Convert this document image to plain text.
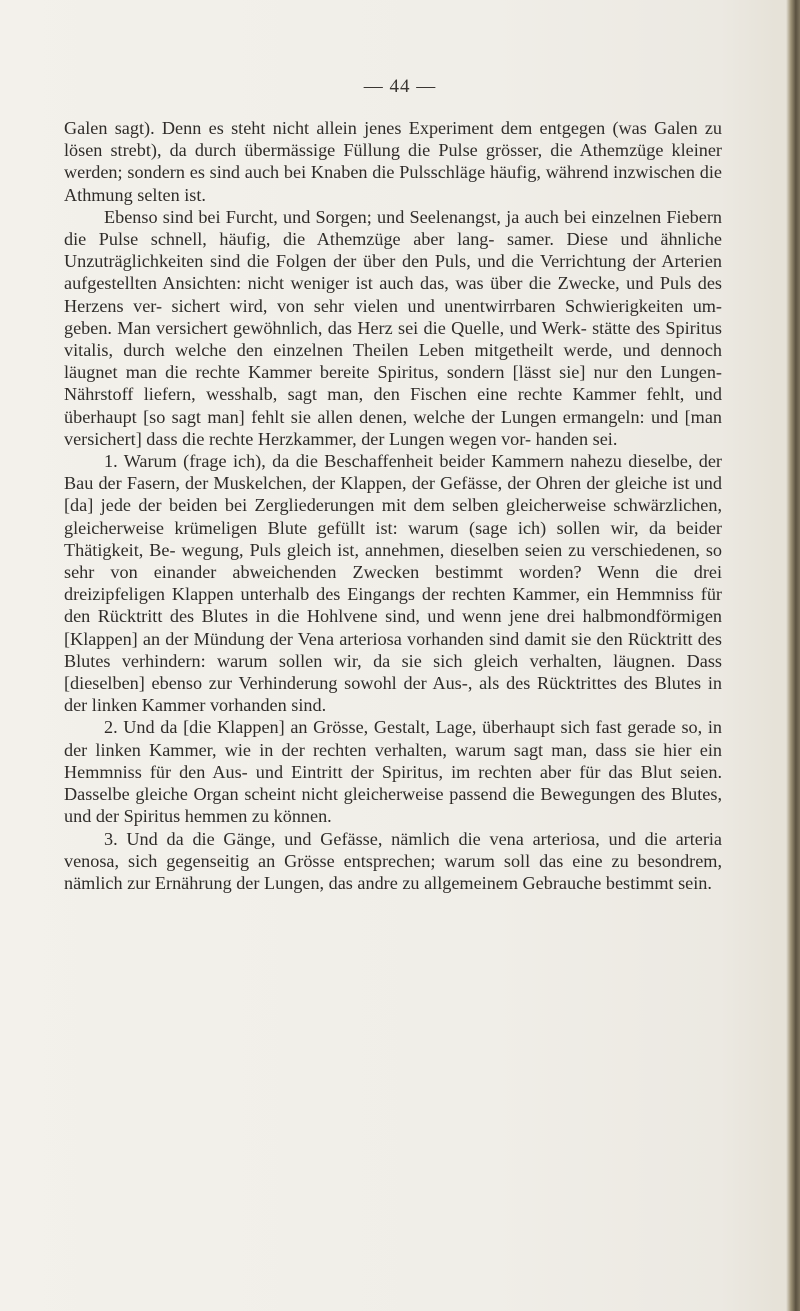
— 44 —

Galen sagt). Denn es steht nicht allein jenes Experiment dem entgegen (was Galen zu lösen strebt), da durch übermässige Füllung die Pulse grösser, die Athemzüge kleiner werden; sondern es sind auch bei Knaben die Pulsschläge häufig, während inzwischen die Athmung selten ist.

Ebenso sind bei Furcht, und Sorgen; und Seelenangst, ja auch bei einzelnen Fiebern die Pulse schnell, häufig, die Athemzüge aber lang- samer. Diese und ähnliche Unzuträglichkeiten sind die Folgen der über den Puls, und die Verrichtung der Arterien aufgestellten Ansichten: nicht weniger ist auch das, was über die Zwecke, und Puls des Herzens ver- sichert wird, von sehr vielen und unentwirrbaren Schwierigkeiten um- geben. Man versichert gewöhnlich, das Herz sei die Quelle, und Werk- stätte des Spiritus vitalis, durch welche den einzelnen Theilen Leben mitgetheilt werde, und dennoch läugnet man die rechte Kammer bereite Spiritus, sondern [lässt sie] nur den Lungen-Nährstoff liefern, wesshalb, sagt man, den Fischen eine rechte Kammer fehlt, und überhaupt [so sagt man] fehlt sie allen denen, welche der Lungen ermangeln: und [man versichert] dass die rechte Herzkammer, der Lungen wegen vor- handen sei.

1. Warum (frage ich), da die Beschaffenheit beider Kammern nahezu dieselbe, der Bau der Fasern, der Muskelchen, der Klappen, der Gefässe, der Ohren der gleiche ist und [da] jede der beiden bei Zergliederungen mit dem selben gleicherweise schwärzlichen, gleicherweise krümeligen Blute gefüllt ist: warum (sage ich) sollen wir, da beider Thätigkeit, Be- wegung, Puls gleich ist, annehmen, dieselben seien zu verschiedenen, so sehr von einander abweichenden Zwecken bestimmt worden? Wenn die drei dreizipfeligen Klappen unterhalb des Eingangs der rechten Kammer, ein Hemmniss für den Rücktritt des Blutes in die Hohlvene sind, und wenn jene drei halbmondförmigen [Klappen] an der Mündung der Vena arteriosa vorhanden sind damit sie den Rücktritt des Blutes verhindern: warum sollen wir, da sie sich gleich verhalten, läugnen. Dass [dieselben] ebenso zur Verhinderung sowohl der Aus-, als des Rücktrittes des Blutes in der linken Kammer vorhanden sind.

2. Und da [die Klappen] an Grösse, Gestalt, Lage, überhaupt sich fast gerade so, in der linken Kammer, wie in der rechten verhalten, warum sagt man, dass sie hier ein Hemmniss für den Aus- und Eintritt der Spiritus, im rechten aber für das Blut seien. Dasselbe gleiche Organ scheint nicht gleicherweise passend die Bewegungen des Blutes, und der Spiritus hemmen zu können.

3. Und da die Gänge, und Gefässe, nämlich die vena arteriosa, und die arteria venosa, sich gegenseitig an Grösse entsprechen; warum soll das eine zu besondrem, nämlich zur Ernährung der Lungen, das andre zu allgemeinem Gebrauche bestimmt sein.
